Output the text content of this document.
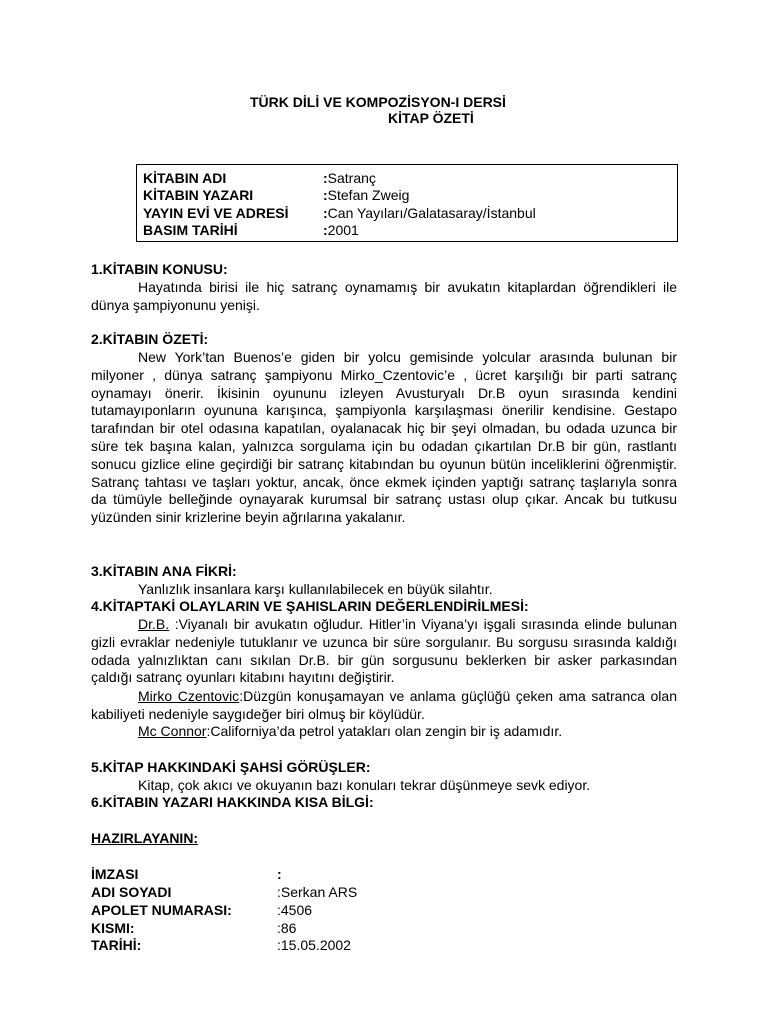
TÜRK DİLİ VE KOMPOZİSYON-I DERSİ
KİTAP ÖZETİ
KİTABIN ADI	:Satranç
KİTABIN YAZARI	:Stefan Zweig
YAYIN EVİ VE ADRESİ	:Can Yayıları/Galatasaray/İstanbul
BASIM TARİHİ	:2001
1.KİTABIN KONUSU:
Hayatında birisi ile hiç satranç oynamamış bir avukatın kitaplardan öğrendikleri ile dünya şampiyonunu yenişi.
2.KİTABIN ÖZETİ:
New York’tan Buenos’e giden bir yolcu gemisinde yolcular arasında bulunan bir milyoner , dünya satranç şampiyonu Mirko_Czentovic’e , ücret karşılığı bir parti satranç oynamayı önerir. İkisinin oyununu izleyen Avusturyalı Dr.B oyun sırasında kendini tutamayıponların oyununa karışınca, şampiyonla karşılaşması önerilir kendisine. Gestapo tarafından bir otel odasına kapatılan, oyalanacak hiç bir şeyi olmadan, bu odada uzunca bir süre tek başına kalan, yalnızca sorgulama için bu odadan çıkartılan Dr.B bir gün, rastlantı sonucu gizlice eline geçirdiği bir satranç kitabından bu oyunun bütün inceliklerini öğrenmiştir. Satranç tahtası ve taşları yoktur, ancak, önce ekmek içinden yaptığı satranç taşlarıyla sonra da tümüyle belleğinde oynayarak kurumsal bir satranç ustası olup çıkar. Ancak bu tutkusu yüzünden sinir krizlerine beyin ağrılarına yakalanır.
3.KİTABIN ANA FİKRİ:
Yanlızlık insanlara karşı kullanılabilecek en büyük silahtır.
4.KİTAPTAKİ OLAYLARIN VE ŞAHISLARIN DEĞERLENDİRİLMESİ:
Dr.B. :Viyanalı bir avukatın oğludur. Hitler’in Viyana’yı işgali sırasında elinde bulunan gizli evraklar nedeniyle tutuklanır ve uzunca bir süre sorgulanır. Bu sorgusu sırasında kaldığı odada yalnızlıktan canı sıkılan Dr.B. bir gün sorgusunu beklerken bir asker parkasından çaldığı satranç oyunları kitabını hayıtını değiştirir.
Mirko Czentovic:Düzgün konuşamayan ve anlama güçlüğü çeken ama satranca olan kabiliyeti nedeniyle saygıdeğer biri olmuş bir köylüdür.
Mc Connor:Californiya’da petrol yatakları olan zengin bir iş adamıdır.
5.KİTAP HAKKINDAKİ ŞAHSİ GÖRÜŞLER:
Kitap, çok akıcı ve okuyanın bazı konuları tekrar düşünmeye sevk ediyor.
6.KİTABIN YAZARI HAKKINDA KISA BİLGİ:
HAZIRLAYANIN:
İMZASI	:
ADI SOYADI	:Serkan ARS
APOLET NUMARASI:	:4506
KISMI:	:86
TARİHİ:	:15.05.2002
